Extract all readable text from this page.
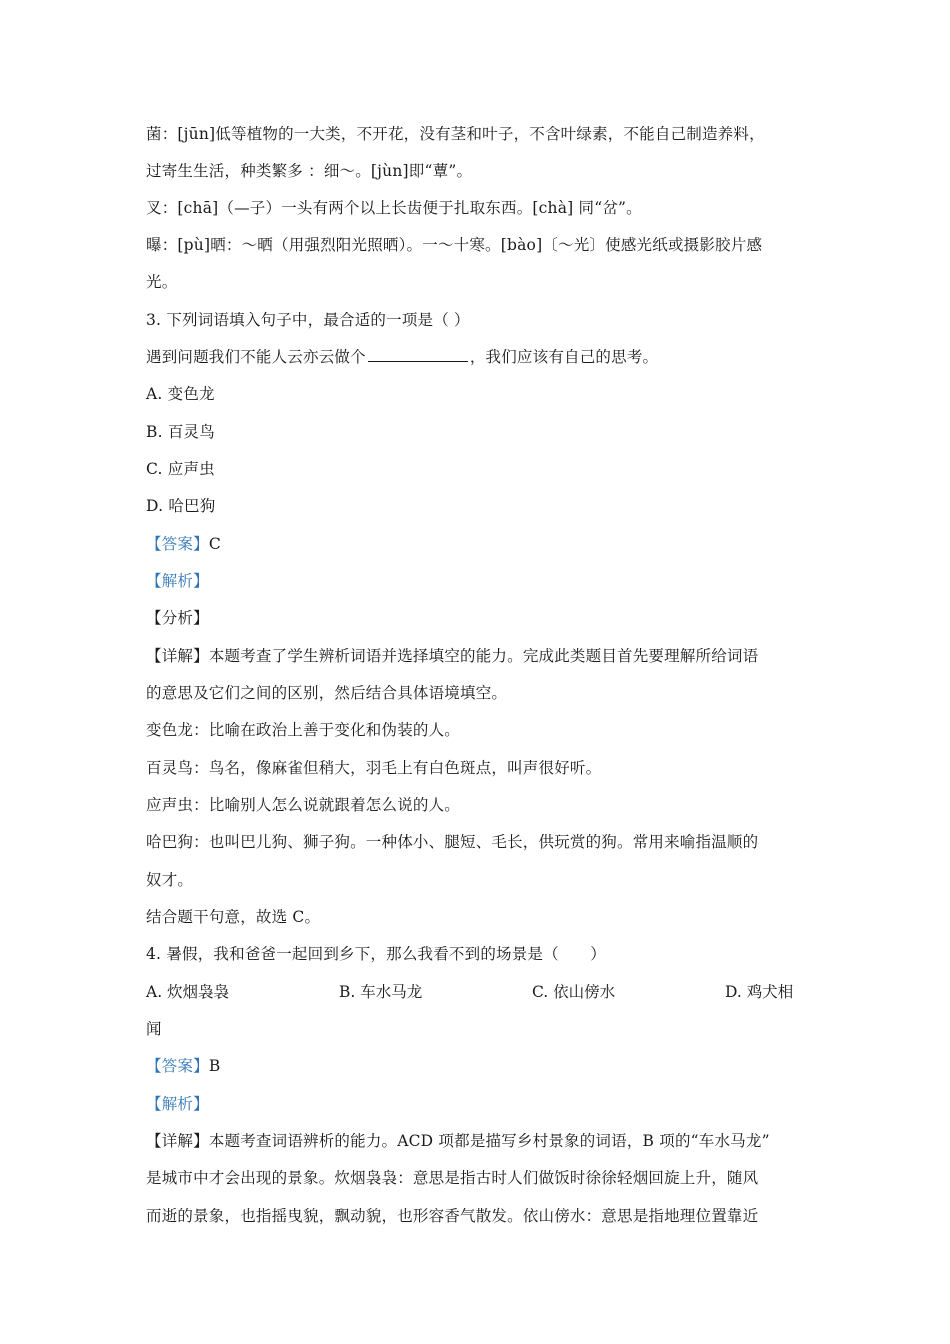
菌：[jūn]低等植物的一大类，不开花，没有茎和叶子，不含叶绿素，不能自己制造养料，
过寄生生活，种类繁多 ：细～。[jùn]即“蕈”。
叉：[chā]（—子）一头有两个以上长齿便于扎取东西。[chà] 同“岔”。
曝：[pù]晒：～晒（用强烈阳光照晒）。一～十寒。[bào]〔～光〕使感光纸或摄影胶片感
光。
3. 下列词语填入句子中，最合适的一项是（ ）
遇到问题我们不能人云亦云做个	，我们应该有自己的思考。
A. 变色龙
B. 百灵鸟
C. 应声虫
D. 哈巴狗
【答案】C
【解析】
【分析】
【详解】本题考查了学生辨析词语并选择填空的能力。完成此类题目首先要理解所给词语
的意思及它们之间的区别，然后结合具体语境填空。
变色龙：比喻在政治上善于变化和伪装的人。
百灵鸟：鸟名，像麻雀但稍大，羽毛上有白色斑点，叫声很好听。
应声虫：比喻别人怎么说就跟着怎么说的人。
哈巴狗：也叫巴儿狗、狮子狗。一种体小、腿短、毛长，供玩赏的狗。常用来喻指温顺的
奴才。
结合题干句意，故选 C。
4. 暑假，我和爸爸一起回到乡下，那么我看不到的场景是（　　）
A. 炊烟袅袅	B. 车水马龙	C. 依山傍水	D. 鸡犬相
闻
【答案】B
【解析】
【详解】本题考查词语辨析的能力。ACD 项都是描写乡村景象的词语，B 项的“车水马龙”
是城市中才会出现的景象。炊烟袅袅：意思是指古时人们做饭时徐徐轻烟回旋上升，随风
而逝的景象，也指摇曳貌，飘动貌，也形容香气散发。依山傍水：意思是指地理位置靠近
